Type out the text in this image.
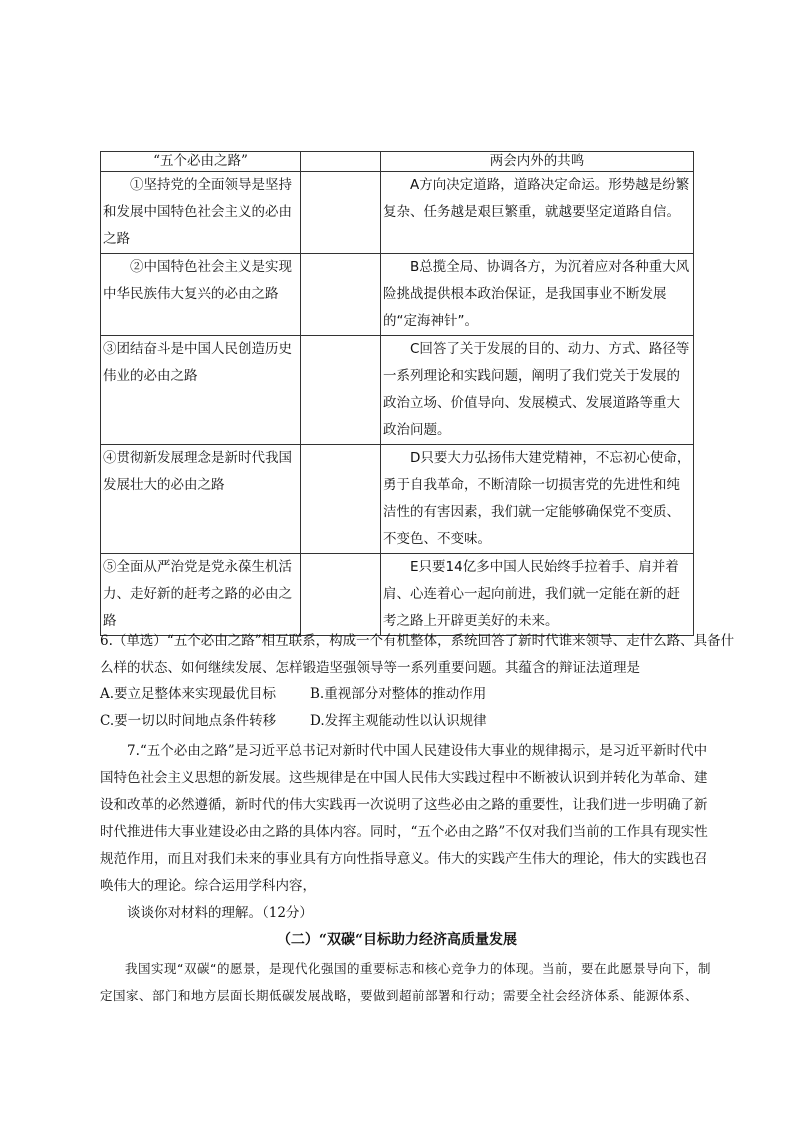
“五个必由之路”		两会内外的共鸣
①坚持党的全面领导是坚持和发展中国特色社会主义的必由之路		A方向决定道路，道路决定命运。形势越是纷繁复杂、任务越是艰巨繁重，就越要坚定道路自信。
②中国特色社会主义是实现中华民族伟大复兴的必由之路		B总揽全局、协调各方，为沉着应对各种重大风险挑战提供根本政治保证，是我国事业不断发展的“定海神针”。
③团结奋斗是中国人民创造历史伟业的必由之路		C回答了关于发展的目的、动力、方式、路径等一系列理论和实践问题，阐明了我们党关于发展的政治立场、价值导向、发展模式、发展道路等重大政治问题。
④贯彻新发展理念是新时代我国发展壮大的必由之路		D只要大力弘扬伟大建党精神，不忘初心使命，勇于自我革命，不断清除一切损害党的先进性和纯洁性的有害因素，我们就一定能够确保党不变质、不变色、不变味。
⑤全面从严治党是党永葆生机活力、走好新的赶考之路的必由之路		E只要14亿多中国人民始终手拉着手、肩并着肩、心连着心一起向前进，我们就一定能在新的赶考之路上开辟更美好的未来。
6.（单选）“五个必由之路”相互联系，构成一个有机整体，系统回答了新时代谁来领导、走什么路、具备什么样的状态、如何继续发展、怎样锻造坚强领导等一系列重要问题。其蕴含的辩证法道理是
A.要立足整体来实现最优目标	B.重视部分对整体的推动作用
C.要一切以时间地点条件转移	D.发挥主观能动性以认识规律
7.“五个必由之路”是习近平总书记对新时代中国人民建设伟大事业的规律揭示，是习近平新时代中国特色社会主义思想的新发展。这些规律是在中国人民伟大实践过程中不断被认识到并转化为革命、建设和改革的必然遵循，新时代的伟大实践再一次说明了这些必由之路的重要性，让我们进一步明确了新时代推进伟大事业建设必由之路的具体内容。同时，“五个必由之路”不仅对我们当前的工作具有现实性规范作用，而且对我们未来的事业具有方向性指导意义。伟大的实践产生伟大的理论，伟大的实践也召唤伟大的理论。综合运用学科内容，
谈谈你对材料的理解。（12分）
（二）“双碳“目标助力经济高质量发展
我国实现“双碳“的愿景，是现代化强国的重要标志和核心竞争力的体现。当前，要在此愿景导向下，制定国家、部门和地方层面长期低碳发展战略，要做到超前部署和行动；需要全社会经济体系、能源体系、
